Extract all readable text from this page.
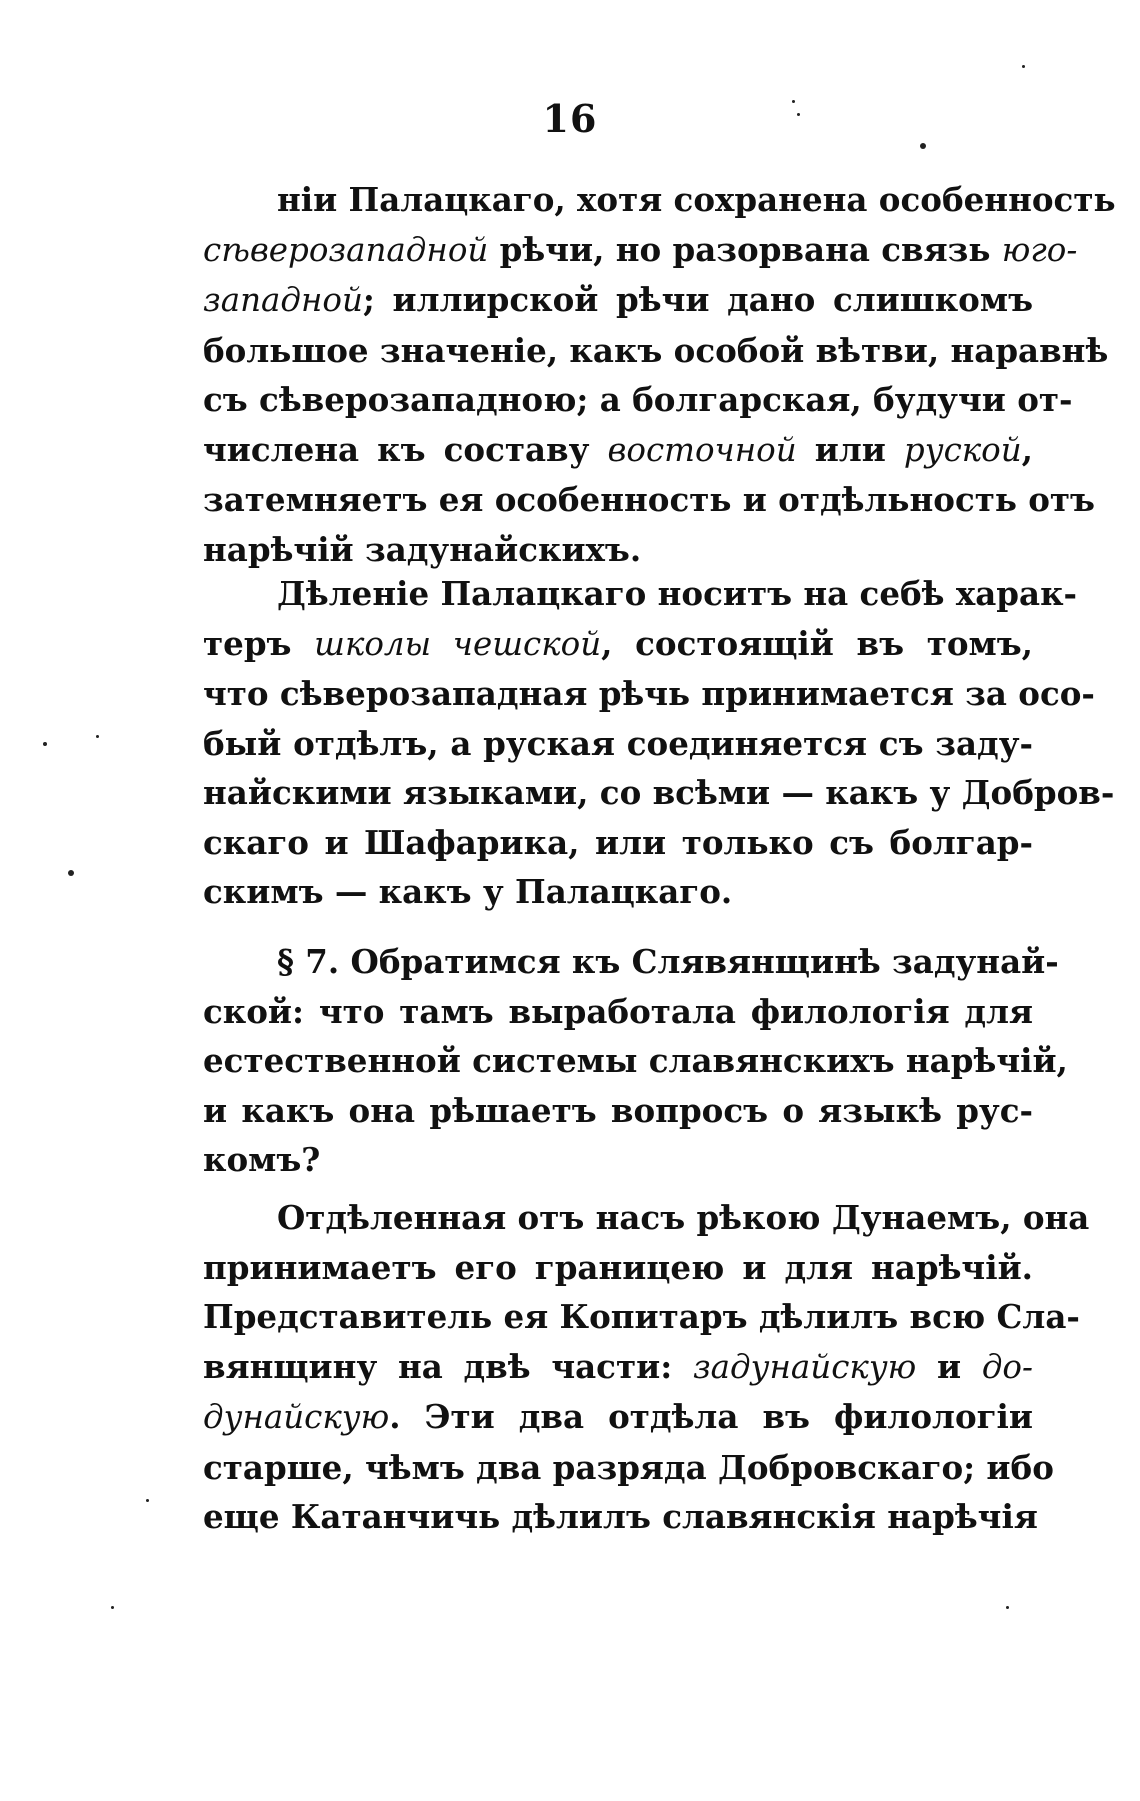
16
ніи Палацкаго, хотя сохранена особенность
сѣверозападной рѣчи, но разорвана связь юго-
западной; иллирской рѣчи дано слишкомъ
большое значеніе, какъ особой вѣтви, наравнѣ
съ сѣверозападною; а болгарская, будучи от-
числена къ составу восточной или руской,
затемняетъ ея особенность и отдѣльность отъ
нарѣчій задунайскихъ.
Дѣленіе Палацкаго носитъ на себѣ харак-
теръ школы чешской, состоящій въ томъ,
что сѣверозападная рѣчь принимается за осо-
бый отдѣлъ, а руская соединяется съ заду-
найскими языками, со всѣми — какъ у Добров-
скаго и Шафарика, или только съ болгар-
скимъ — какъ у Палацкаго.
§ 7. Обратимся къ Слявянщинѣ задунай-
ской: что тамъ выработала филологія для
естественной системы славянскихъ нарѣчій,
и какъ она рѣшаетъ вопросъ о языкѣ рус-
комъ?
Отдѣленная отъ насъ рѣкою Дунаемъ, она
принимаетъ его границею и для нарѣчій.
Представитель ея Копитаръ дѣлилъ всю Сла-
вянщину на двѣ части: задунайскую и до-
дунайскую. Эти два отдѣла въ филологіи
старше, чѣмъ два разряда Добровскаго; ибо
еще Катанчичь дѣлилъ славянскія нарѣчія
